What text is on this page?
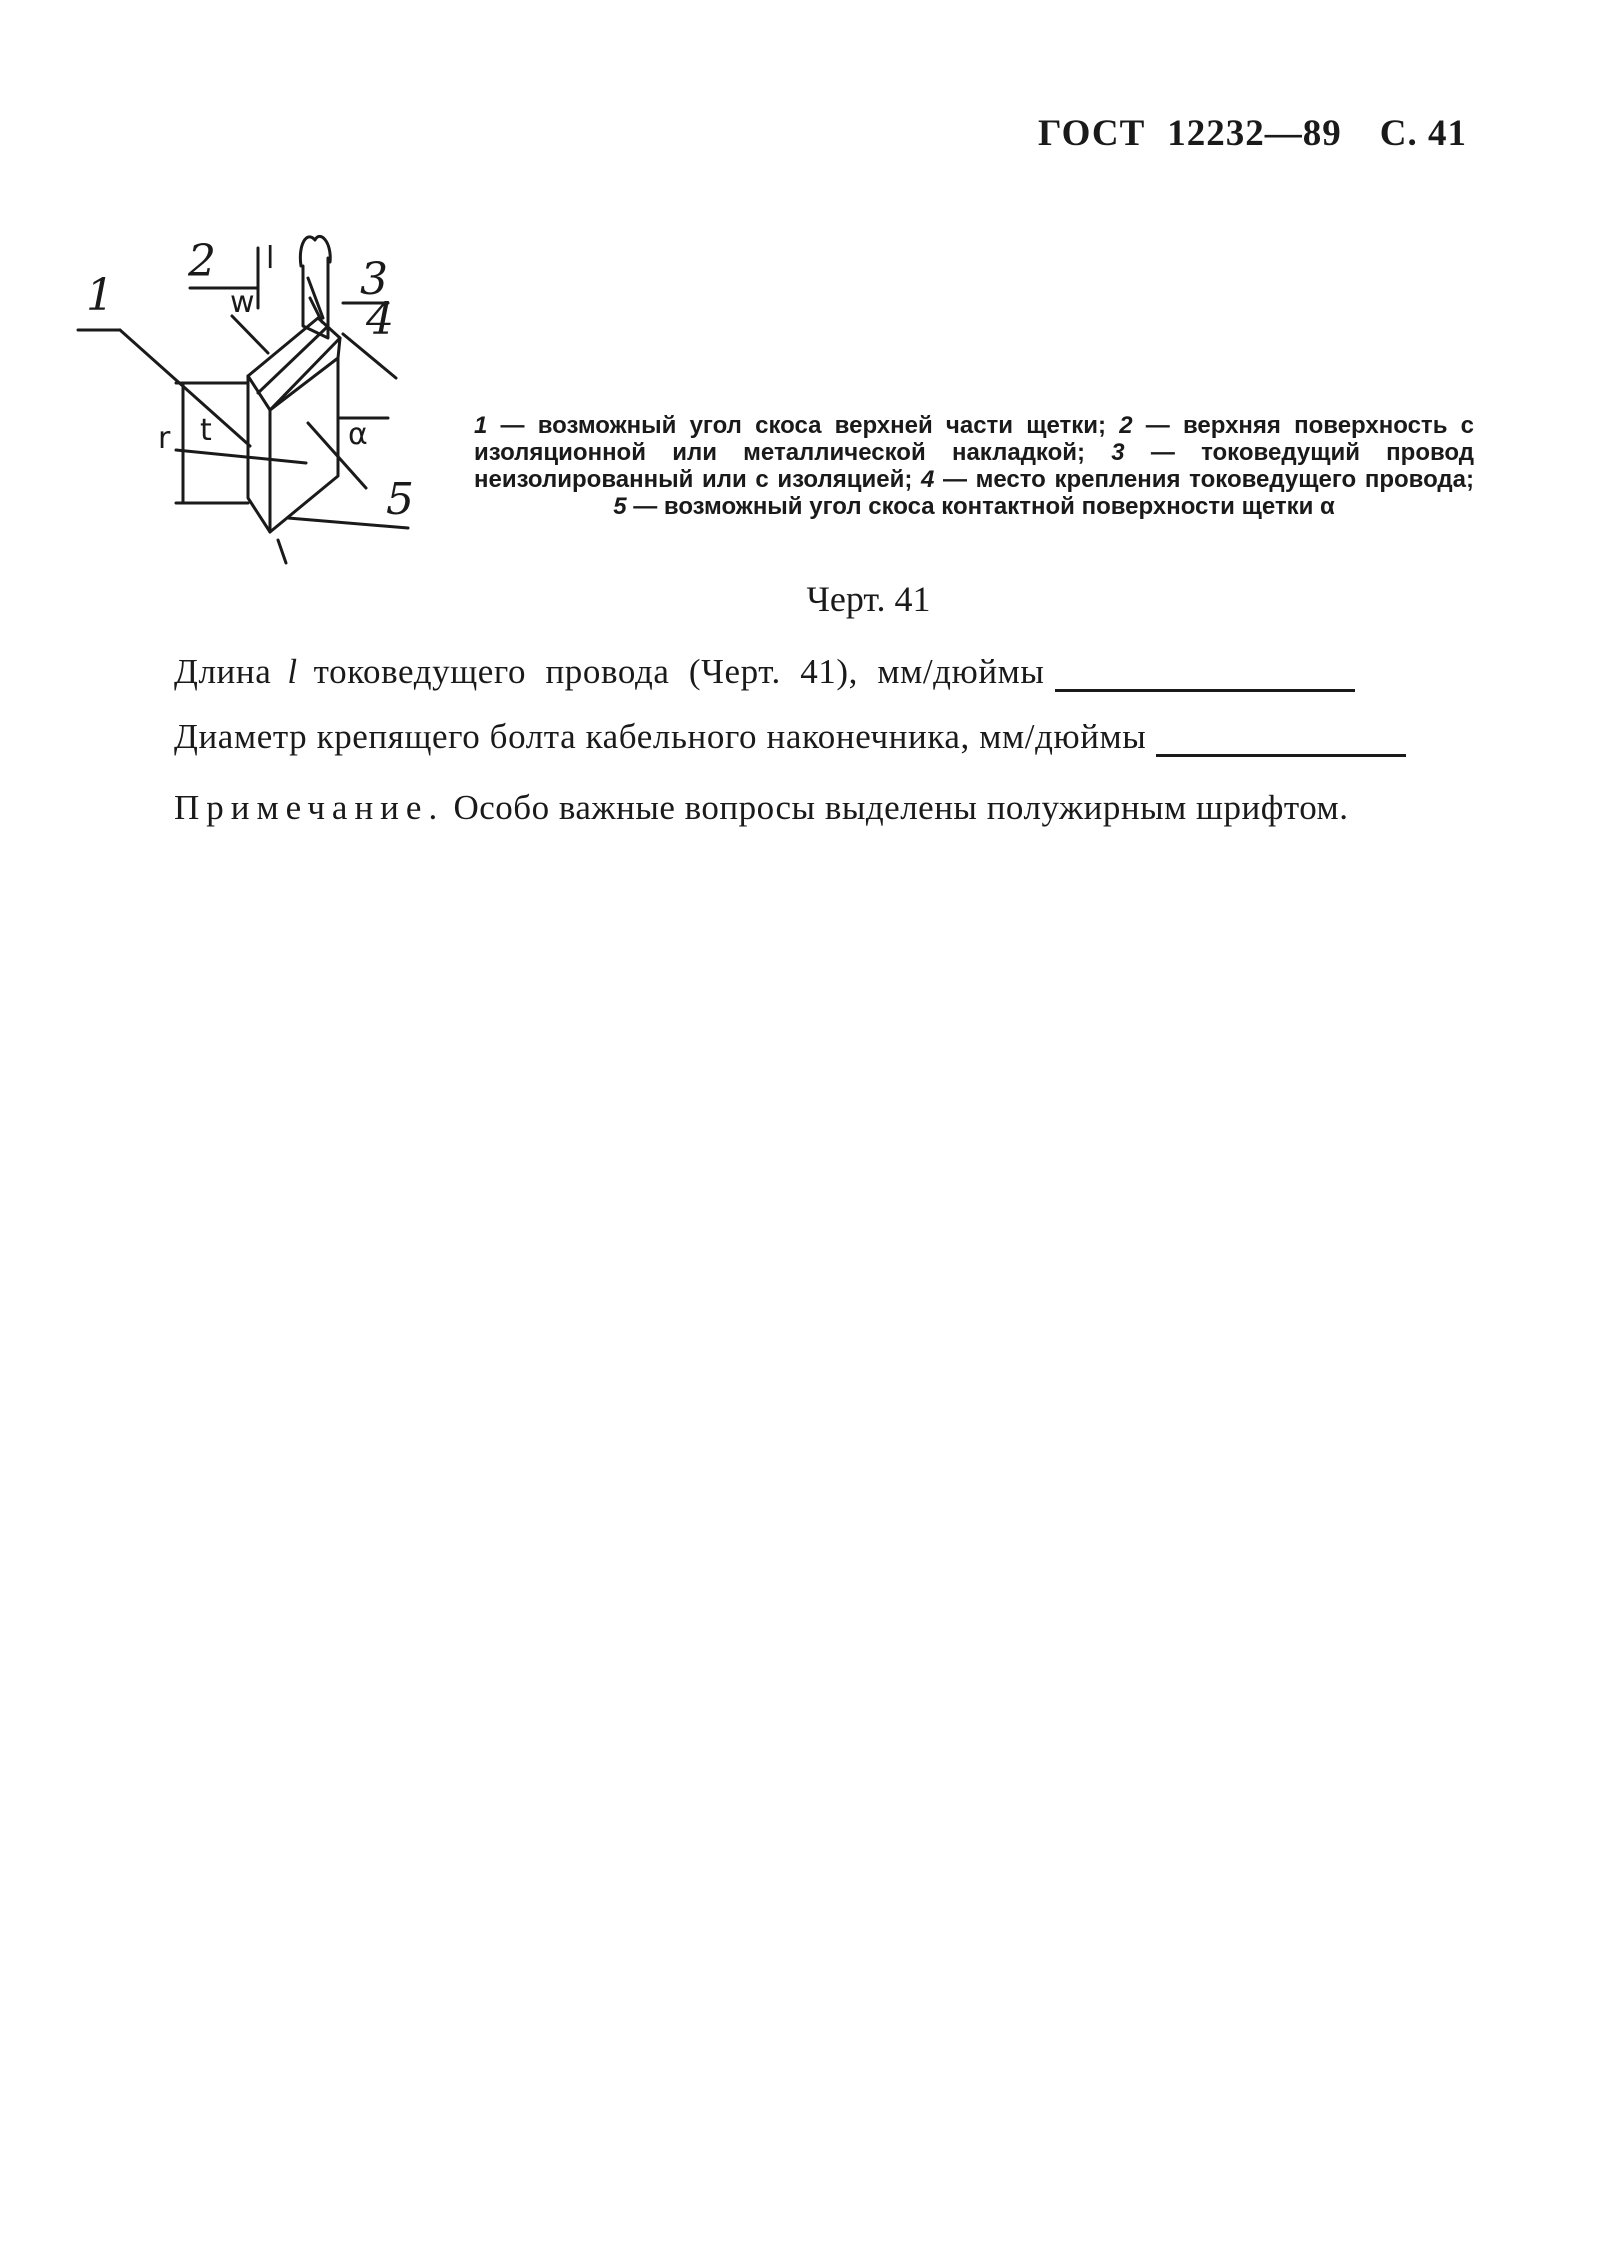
ГОСТ 12232—89 С. 41
1
2	3
4
5
l
w
r t	α	1 — возможный угол скоса верхней части щетки; 2 — верхняя поверхность с изоляционной или металлической накладкой; 3 — токоведущий провод неизолированный или с изоляцией; 4 — место крепления токоведущего провода; 5 — возможный угол скоса контактной поверхности щетки α
Черт. 41
Длина l токоведущего провода (Черт. 41), мм/дюймы
Диаметр крепящего болта кабельного наконечника, мм/дюймы
Примечание. Особо важные вопросы выделены полужирным шрифтом.
